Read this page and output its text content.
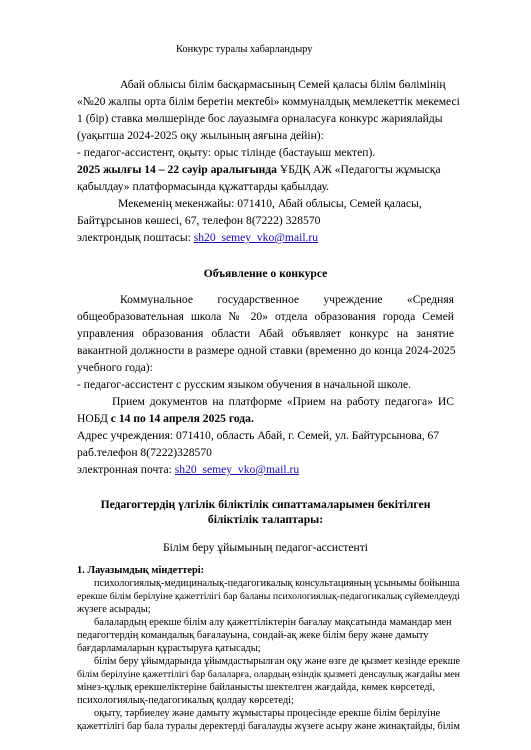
Конкурс туралы хабарландыру
Абай облысы білім басқармасының Семей қаласы білім бөлімінің
«№20 жалпы орта білім беретін мектебі» коммуналдық мемлекеттік мекемесі
1 (бір) ставка мөлшерінде бос лауазымға орналасуға конкурс жариялайды
(уақытша 2024-2025 оқу жылының аяғына дейін):
- педагог-ассистент, оқыту: орыс тілінде (бастауыш мектеп).
2025 жылғы 14 – 22 сәуір аралығында ҰБДҚ АЖ «Педагогты жұмысқа
қабылдау» платформасында құжаттарды қабылдау.
Мекеменің мекенжайы: 071410, Абай облысы, Семей қаласы,
Байтұрсынов көшесі, 67, телефон 8(7222) 328570
электрондық поштасы: sh20_semey_vko@mail.ru
Объявление о конкурсе
Коммунальное государственное учреждение «Средняя
общеобразовательная школа № 20» отдела образования города Семей
управления образования области Абай объявляет конкурс на занятие
вакантной должности в размере одной ставки (временно до конца 2024-2025
учебного года):
- педагог-ассистент с русским языком обучения в начальной школе.
Прием документов на платформе «Прием на работу педагога» ИС
НОБД с 14 по 14 апреля 2025 года.
Адрес учреждения: 071410, область Абай, г. Семей, ул. Байтурсынова, 67
раб.телефон 8(7222)328570
электронная почта: sh20_semey_vko@mail.ru
Педагогтердің үлгілік біліктілік сипаттамаларымен бекітілген
біліктілік талаптары:
Білім беру ұйымының педагог-ассистенті
1. Лауазымдық міндеттері:
психологиялық-медициналық-педагогикалық консультацияның ұсынымы бойынша
ерекше білім берілуіне қажеттілігі бар баланы психологиялық-педагогикалық сүйемелдеуді
жүзеге асырады;
балалардың ерекше білім алу қажеттіліктерін бағалау мақсатында мамандар мен
педагогтердің командалық бағалауына, сондай-ақ жеке білім беру және дамыту
бағдарламаларын құрастыруға қатысады;
білім беру ұйымдарында ұйымдастырылған оқу және өзге де қызмет кезінде ерекше
білім берілуіне қажеттілігі бар балаларға, олардың өзіндік қызметі денсаулық жағдайы мен
мінез-құлық ерекшеліктеріне байланысты шектелген жағдайда, көмек көрсетеді,
психологиялық-педагогикалық қолдау көрсетеді;
оқыту, тәрбиелеу және дамыту жұмыстары процесінде ерекше білім берілуіне
қажеттілігі бар бала туралы деректерді бағалауды жүзеге асыру және жинақтайды, білім
